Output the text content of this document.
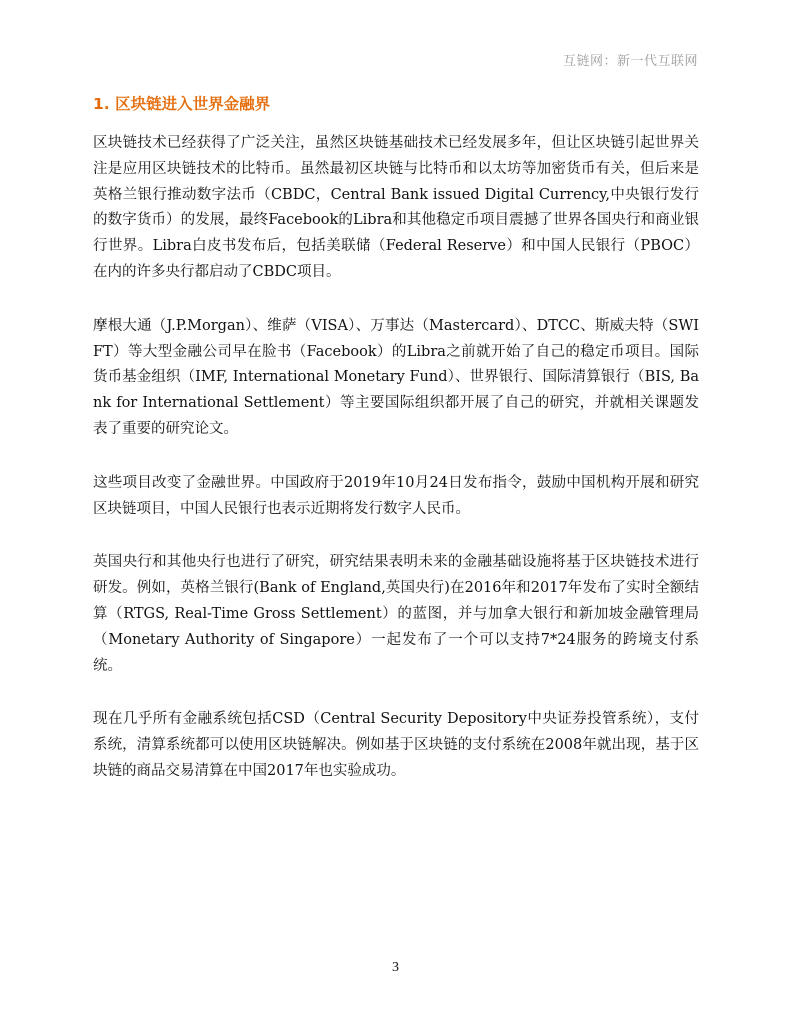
互链网：新一代互联网
1. 区块链进入世界金融界

区块链技术已经获得了广泛关注，虽然区块链基础技术已经发展多年，但让区块链引起世界关注是应用区块链技术的比特币。虽然最初区块链与比特币和以太坊等加密货币有关，但后来是英格兰银行推动数字法币（CBDC，Central Bank issued Digital Currency,中央银行发行的数字货币）的发展，最终Facebook的Libra和其他稳定币项目震撼了世界各国央行和商业银行世界。Libra白皮书发布后，包括美联储（Federal Reserve）和中国人民银行（PBOC）在内的许多央行都启动了CBDC项目。

摩根大通（J.P.Morgan）、维萨（VISA）、万事达（Mastercard）、DTCC、斯威夫特（SWIFT）等大型金融公司早在脸书（Facebook）的Libra之前就开始了自己的稳定币项目。国际货币基金组织（IMF, International Monetary Fund）、世界银行、国际清算银行（BIS, Bank for International Settlement）等主要国际组织都开展了自己的研究，并就相关课题发表了重要的研究论文。

这些项目改变了金融世界。中国政府于2019年10月24日发布指令，鼓励中国机构开展和研究区块链项目，中国人民银行也表示近期将发行数字人民币。

英国央行和其他央行也进行了研究，研究结果表明未来的金融基础设施将基于区块链技术进行研发。例如，英格兰银行(Bank of England,英国央行)在2016年和2017年发布了实时全额结算（RTGS, Real-Time Gross Settlement）的蓝图，并与加拿大银行和新加坡金融管理局（Monetary Authority of Singapore）一起发布了一个可以支持7*24服务的跨境支付系统。

现在几乎所有金融系统包括CSD（Central Security Depository中央证券投管系统），支付系统，清算系统都可以使用区块链解决。例如基于区块链的支付系统在2008年就出现，基于区块链的商品交易清算在中国2017年也实验成功。

3
